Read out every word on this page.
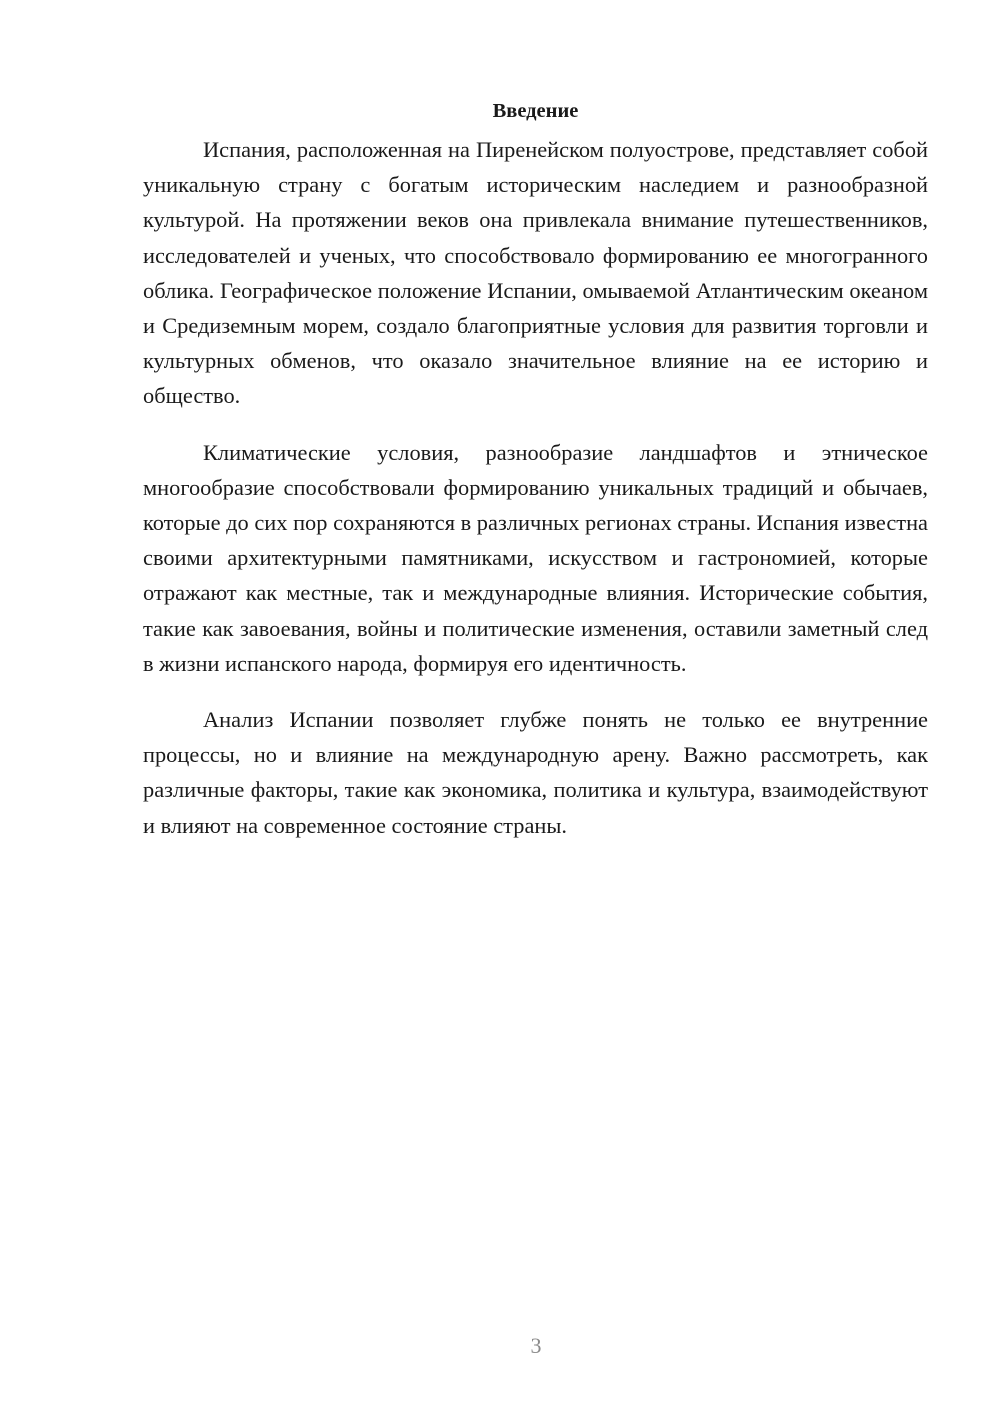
Введение

Испания, расположенная на Пиренейском полуострове, представляет собой уникальную страну с богатым историческим наследием и разнообразной культурой. На протяжении веков она привлекала внимание путешественников, исследователей и ученых, что способствовало формированию ее многогранного облика. Географическое положение Испании, омываемой Атлантическим океаном и Средиземным морем, создало благоприятные условия для развития торговли и культурных обменов, что оказало значительное влияние на ее историю и общество.

Климатические условия, разнообразие ландшафтов и этническое многообразие способствовали формированию уникальных традиций и обычаев, которые до сих пор сохраняются в различных регионах страны. Испания известна своими архитектурными памятниками, искусством и гастрономией, которые отражают как местные, так и международные влияния. Исторические события, такие как завоевания, войны и политические изменения, оставили заметный след в жизни испанского народа, формируя его идентичность.

Анализ Испании позволяет глубже понять не только ее внутренние процессы, но и влияние на международную арену. Важно рассмотреть, как различные факторы, такие как экономика, политика и культура, взаимодействуют и влияют на современное состояние страны.

3
